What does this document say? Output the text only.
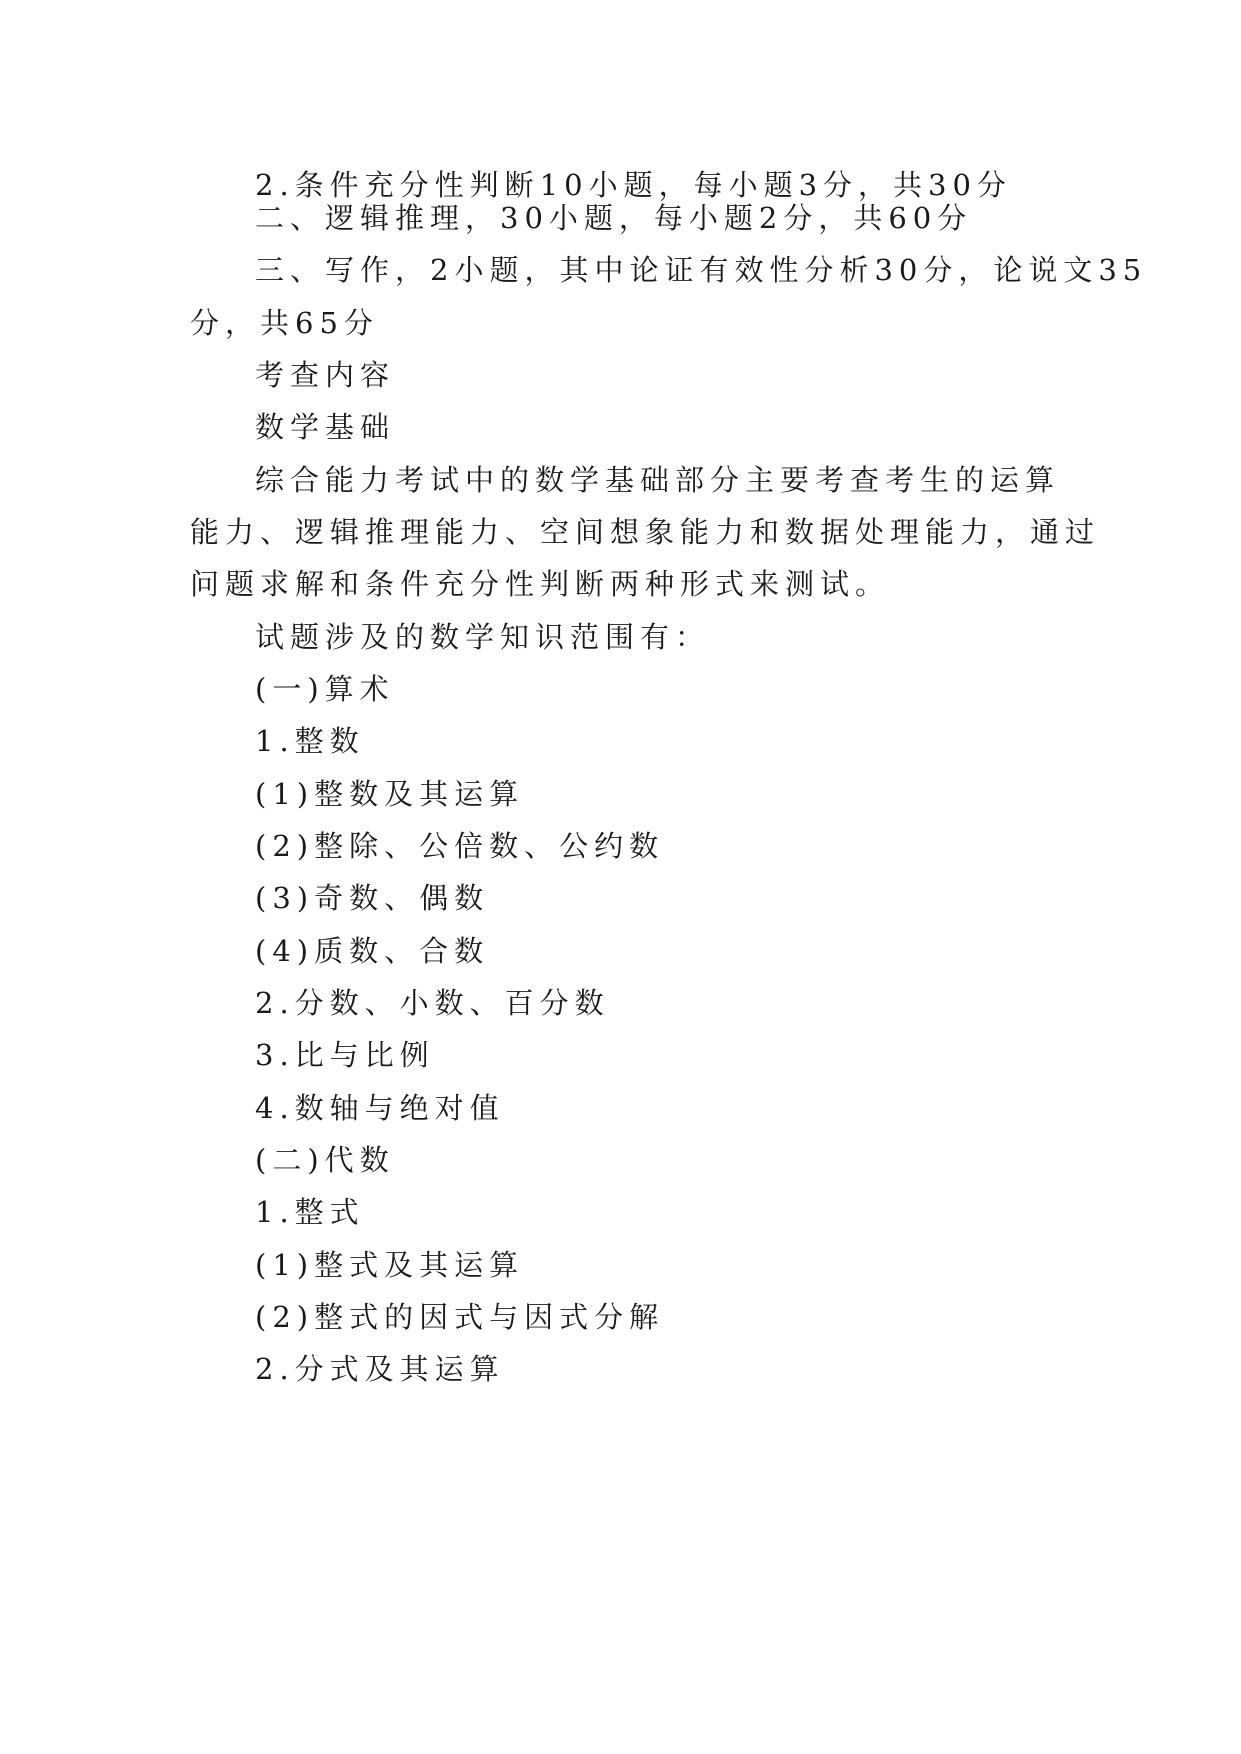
2.条件充分性判断10小题，每小题3分，共30分

二、逻辑推理，30小题，每小题2分，共60分

三、写作，2小题，其中论证有效性分析30分，论说文35

分，共65分

考查内容

数学基础

综合能力考试中的数学基础部分主要考查考生的运算

能力、逻辑推理能力、空间想象能力和数据处理能力，通过

问题求解和条件充分性判断两种形式来测试。

试题涉及的数学知识范围有：

(一)算术

1.整数

(1)整数及其运算

(2)整除、公倍数、公约数

(3)奇数、偶数

(4)质数、合数

2.分数、小数、百分数

3.比与比例

4.数轴与绝对值

(二)代数

1.整式

(1)整式及其运算

(2)整式的因式与因式分解

2.分式及其运算
